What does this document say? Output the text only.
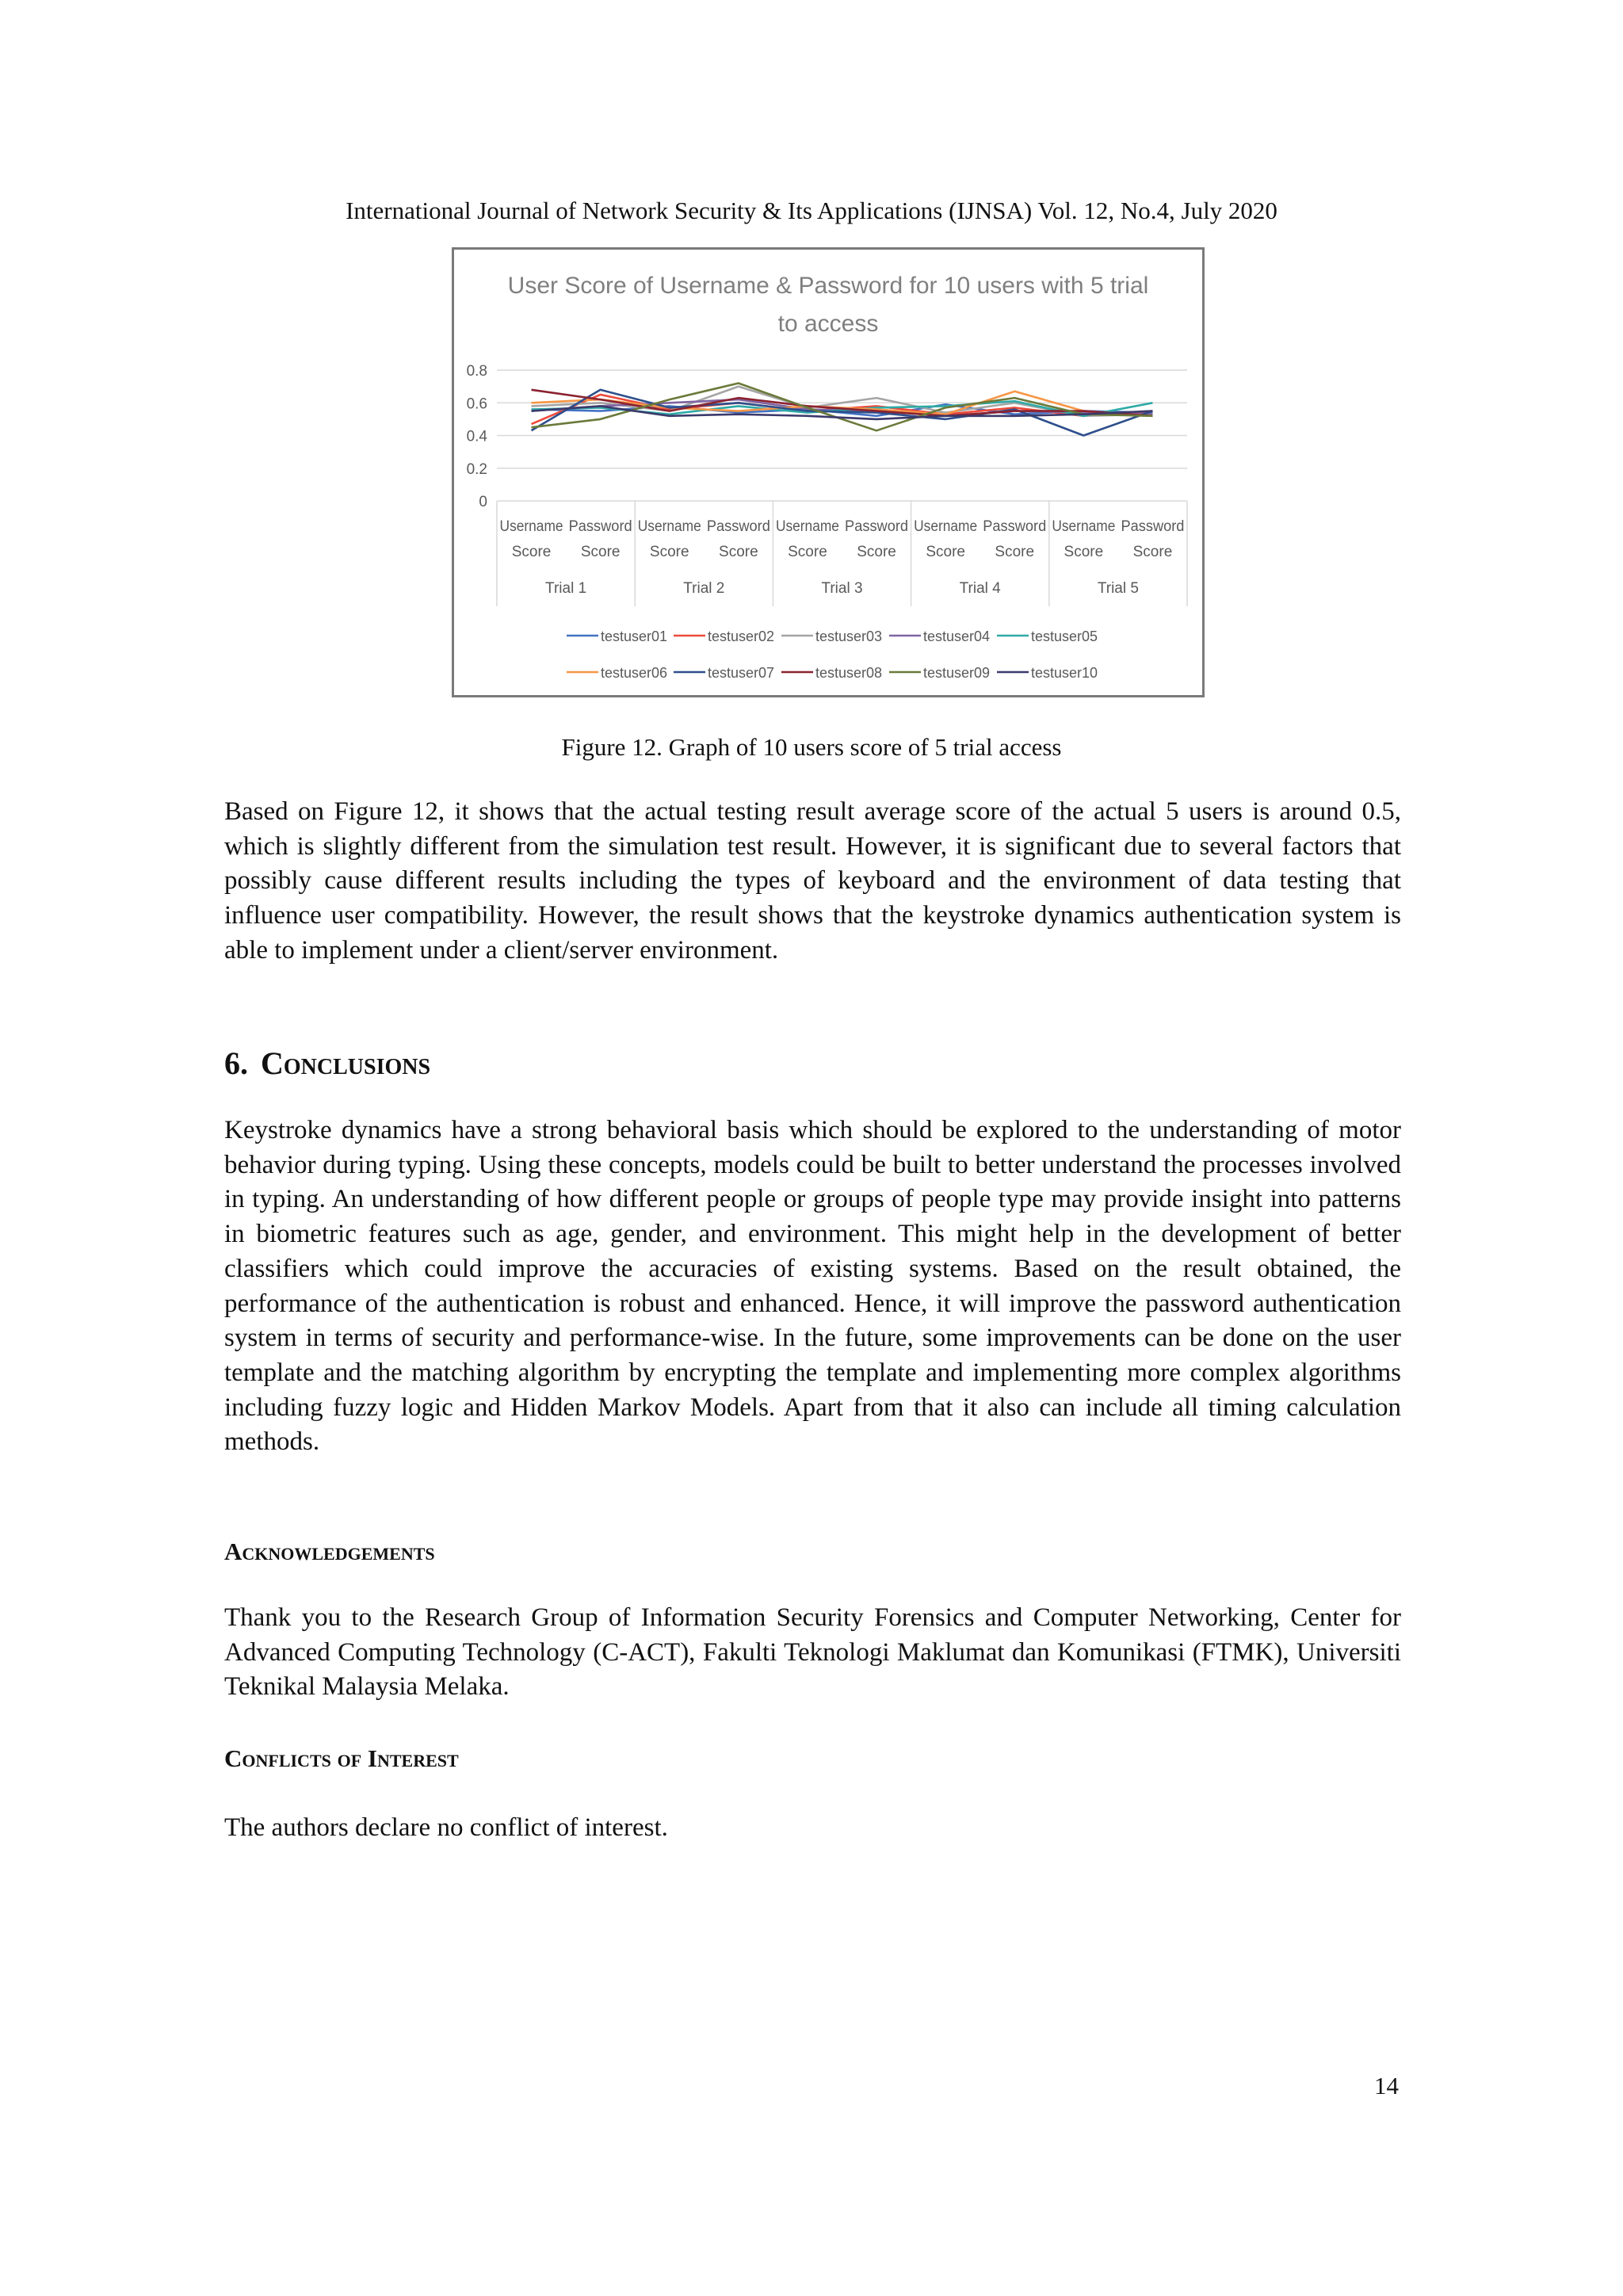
International Journal of Network Security & Its Applications (IJNSA) Vol. 12, No.4, July 2020
User Score of Username & Password for 10 users with 5 trial
to access
0.8
0.6
0.4
0.2
0
Username
Score
Password
Score
Username
Score
Password
Score
Username
Score
Password
Score
Username
Score
Password
Score
Username
Score
Password
Score
Trial 1	Trial 2	Trial 3	Trial 4	Trial 5
testuser01	testuser02	testuser03	testuser04	testuser05
testuser06	testuser07	testuser08	testuser09	testuser10
Figure 12. Graph of 10 users score of 5 trial access

Based on Figure 12, it shows that the actual testing result average score of the actual 5 users is around 0.5, which is slightly different from the simulation test result. However, it is significant due to several factors that possibly cause different results including the types of keyboard and the environment of data testing that influence user compatibility. However, the result shows that the keystroke dynamics authentication system is able to implement under a client/server environment.

6. Conclusions

Keystroke dynamics have a strong behavioral basis which should be explored to the understanding of motor behavior during typing. Using these concepts, models could be built to better understand the processes involved in typing. An understanding of how different people or groups of people type may provide insight into patterns in biometric features such as age, gender, and environment. This might help in the development of better classifiers which could improve the accuracies of existing systems. Based on the result obtained, the performance of the authentication is robust and enhanced. Hence, it will improve the password authentication system in terms of security and performance-wise. In the future, some improvements can be done on the user template and the matching algorithm by encrypting the template and implementing more complex algorithms including fuzzy logic and Hidden Markov Models. Apart from that it also can include all timing calculation methods.

Acknowledgements

Thank you to the Research Group of Information Security Forensics and Computer Networking, Center for Advanced Computing Technology (C-ACT), Fakulti Teknologi Maklumat dan Komunikasi (FTMK), Universiti Teknikal Malaysia Melaka.

Conflicts of Interest

The authors declare no conflict of interest.

14
